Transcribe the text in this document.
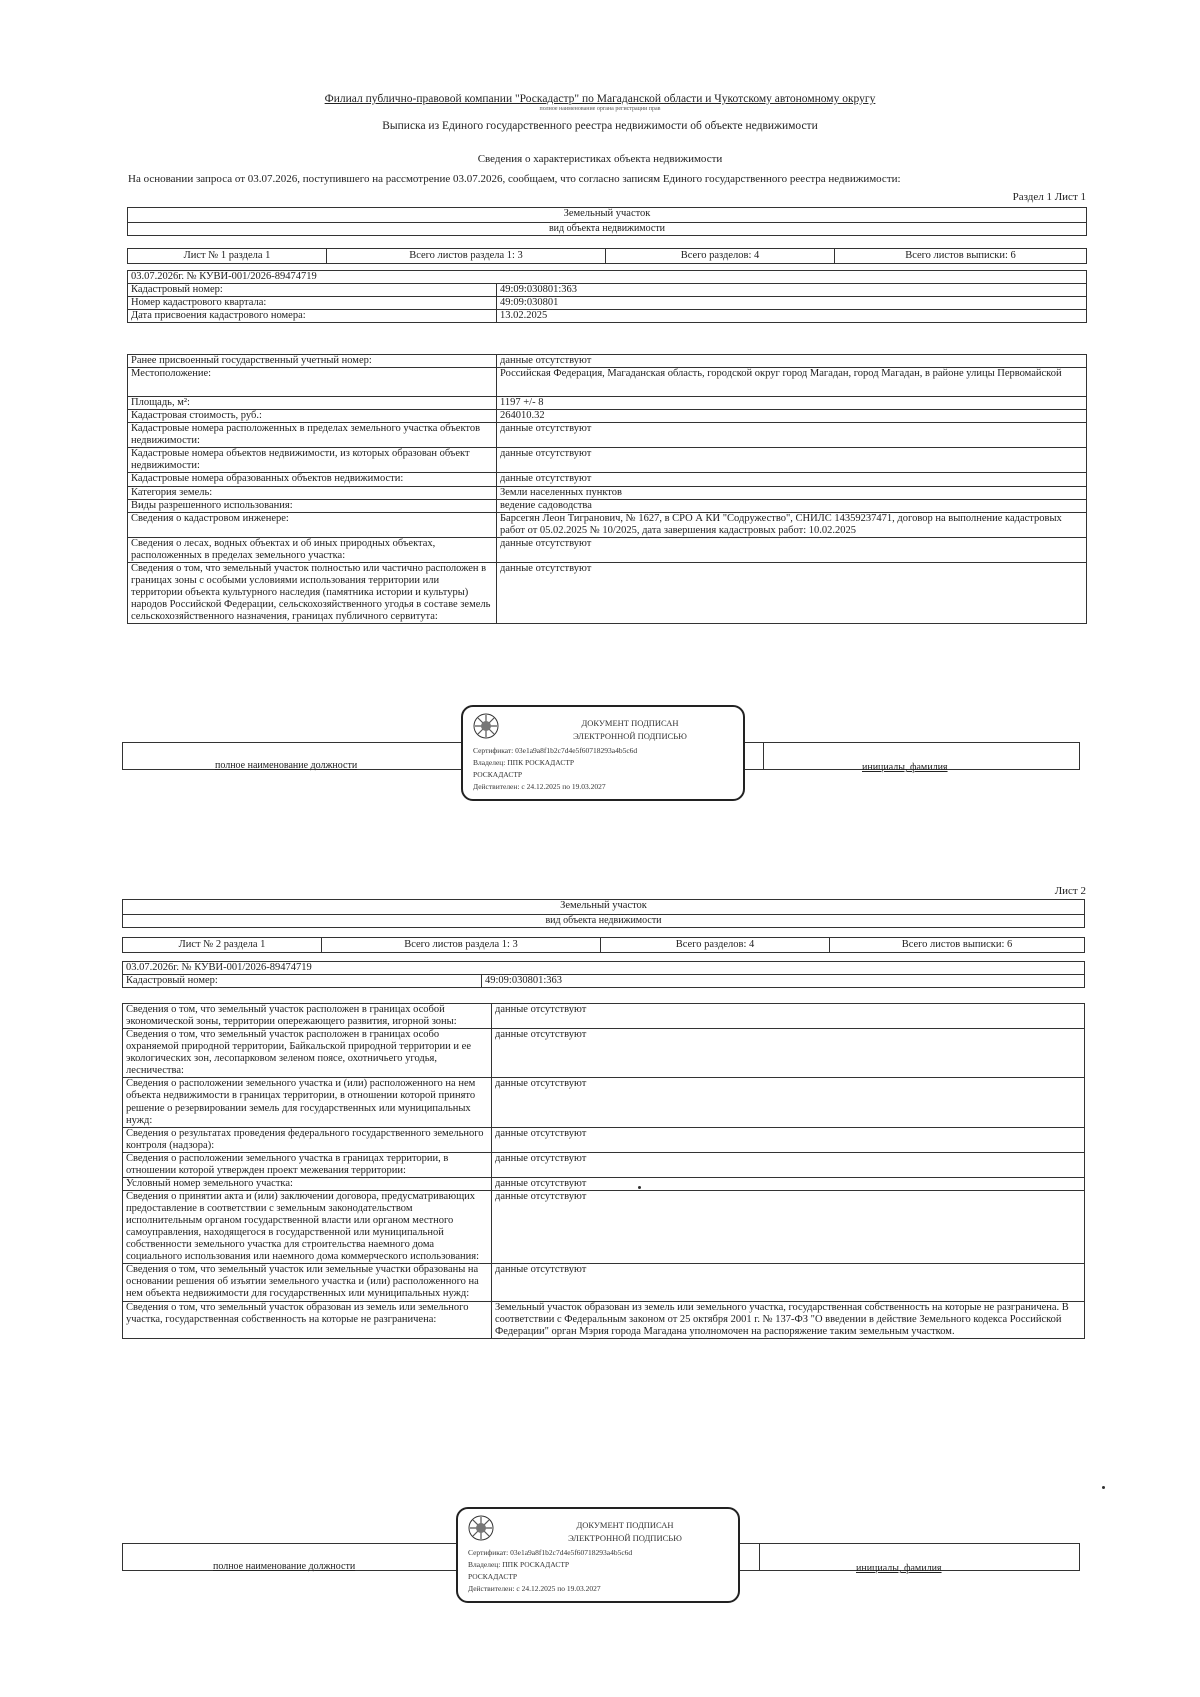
Филиал публично-правовой компании "Роскадастр" по Магаданской области и Чукотскому автономному округу
полное наименование органа регистрации прав
Выписка из Единого государственного реестра недвижимости об объекте недвижимости
Сведения о характеристиках объекта недвижимости
На основании запроса от 03.07.2026, поступившего на рассмотрение 03.07.2026, сообщаем, что согласно записям Единого государственного реестра недвижимости:
Раздел 1 Лист 1
Земельный участок
вид объекта недвижимости
Лист № 1 раздела 1	Всего листов раздела 1: 3	Всего разделов: 4	Всего листов выписки: 6
03.07.2026г. № КУВИ-001/2026-89474719	
Кадастровый номер:	49:09:030801:363
Номер кадастрового квартала:	49:09:030801
Дата присвоения кадастрового номера:	13.02.2025
Ранее присвоенный государственный учетный номер:	данные отсутствуют
Местоположение:	Российская Федерация, Магаданская область, городской округ город Магадан, город Магадан, в районе улицы Первомайской
Площадь, м²:	1197 +/- 8
Кадастровая стоимость, руб.:	264010.32
Кадастровые номера расположенных в пределах земельного участка объектов недвижимости:	данные отсутствуют
Кадастровые номера объектов недвижимости, из которых образован объект недвижимости:	данные отсутствуют
Кадастровые номера образованных объектов недвижимости:	данные отсутствуют
Категория земель:	Земли населенных пунктов
Виды разрешенного использования:	ведение садоводства
Сведения о кадастровом инженере:	Барсегян Леон Тигранович, № 1627, в СРО А КИ "Содружество", СНИЛС 14359237471, договор на выполнение кадастровых работ от 05.02.2025 № 10/2025, дата завершения кадастровых работ: 10.02.2025
Сведения о лесах, водных объектах и об иных природных объектах, расположенных в пределах земельного участка:	данные отсутствуют
Сведения о том, что земельный участок полностью или частично расположен в границах зоны с особыми условиями использования территории или территории объекта культурного наследия (памятника истории и культуры) народов Российской Федерации, сельскохозяйственного угодья в составе земель сельскохозяйственного назначения, границах публичного сервитута:	данные отсутствуют
полное наименование должности	инициалы, фамилия
ДОКУМЕНТ ПОДПИСАН
ЭЛЕКТРОННОЙ ПОДПИСЬЮ
Сертификат: 03e1a9a8f1b2c7d4e5f60718293a4b5c6d
Владелец: ППК РОСКАДАСТР
РОСКАДАСТР
Действителен: с 24.12.2025 по 19.03.2027
Лист 2
Земельный участок
вид объекта недвижимости
Лист № 2 раздела 1	Всего листов раздела 1: 3	Всего разделов: 4	Всего листов выписки: 6
03.07.2026г. № КУВИ-001/2026-89474719
Кадастровый номер:	49:09:030801:363
Сведения о том, что земельный участок расположен в границах особой экономической зоны, территории опережающего развития, игорной зоны:	данные отсутствуют
Сведения о том, что земельный участок расположен в границах особо охраняемой природной территории, Байкальской природной территории и ее экологических зон, лесопарковом зеленом поясе, охотничьего угодья, лесничества:	данные отсутствуют
Сведения о расположении земельного участка и (или) расположенного на нем объекта недвижимости в границах территории, в отношении которой принято решение о резервировании земель для государственных или муниципальных нужд:	данные отсутствуют
Сведения о результатах проведения федерального государственного земельного контроля (надзора):	данные отсутствуют
Сведения о расположении земельного участка в границах территории, в отношении которой утвержден проект межевания территории:	данные отсутствуют
Условный номер земельного участка:	данные отсутствуют
Сведения о принятии акта и (или) заключении договора, предусматривающих предоставление в соответствии с земельным законодательством исполнительным органом государственной власти или органом местного самоуправления, находящегося в государственной или муниципальной собственности земельного участка для строительства наемного дома социального использования или наемного дома коммерческого использования:	данные отсутствуют
Сведения о том, что земельный участок или земельные участки образованы на основании решения об изъятии земельного участка и (или) расположенного на нем объекта недвижимости для государственных или муниципальных нужд:	данные отсутствуют
Сведения о том, что земельный участок образован из земель или земельного участка, государственная собственность на которые не разграничена:	Земельный участок образован из земель или земельного участка, государственная собственность на которые не разграничена. В соответствии с Федеральным законом от 25 октября 2001 г. № 137-ФЗ "О введении в действие Земельного кодекса Российской Федерации" орган Мэрия города Магадана уполномочен на распоряжение таким земельным участком.
полное наименование должности	инициалы, фамилия
ДОКУМЕНТ ПОДПИСАН
ЭЛЕКТРОННОЙ ПОДПИСЬЮ
Сертификат: 03e1a9a8f1b2c7d4e5f60718293a4b5c6d
Владелец: ППК РОСКАДАСТР
РОСКАДАСТР
Действителен: с 24.12.2025 по 19.03.2027
